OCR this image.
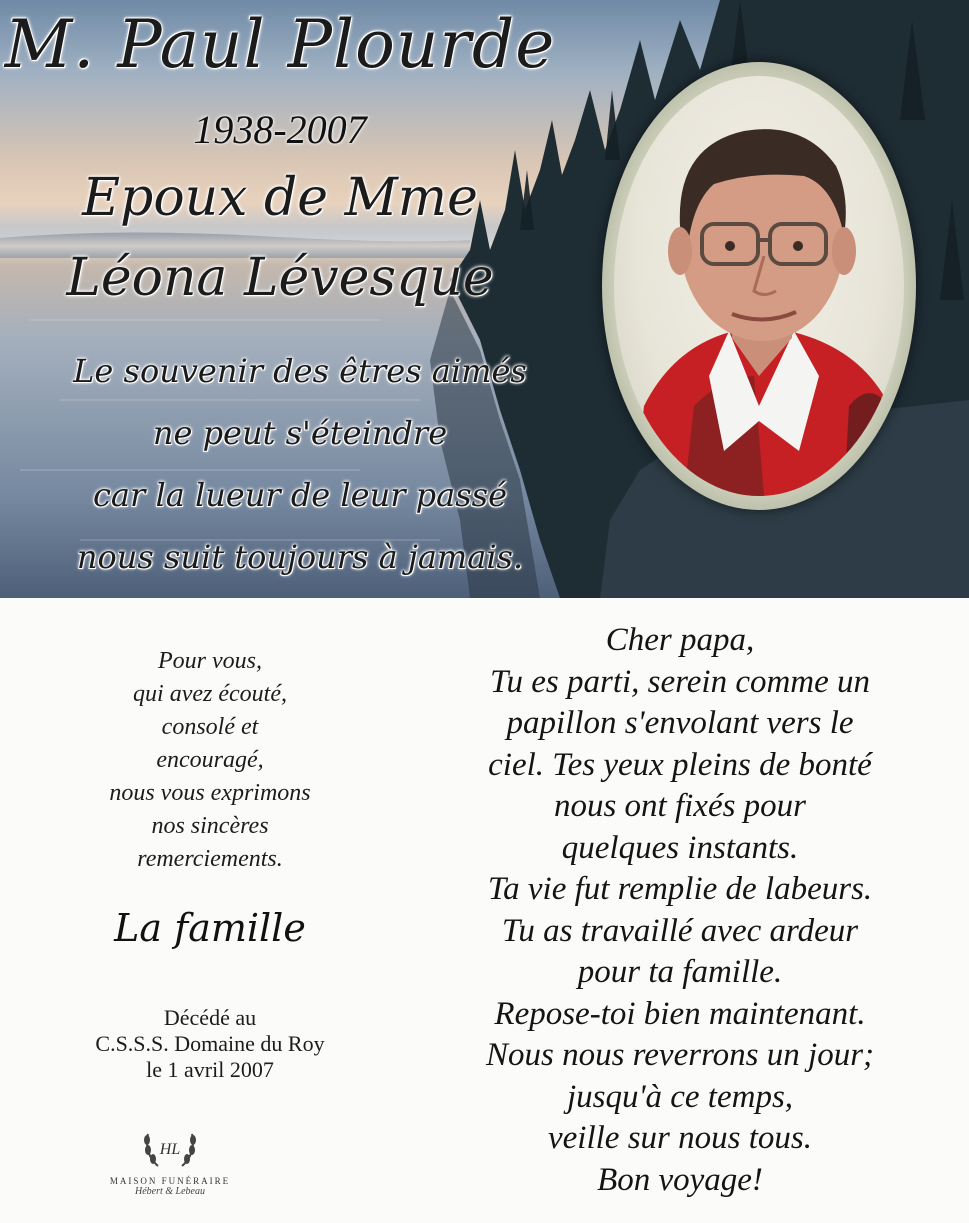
M. Paul Plourde
1938-2007
Epoux de Mme
Léona Lévesque
Le souvenir des êtres aimés
ne peut s'éteindre
car la lueur de leur passé
nous suit toujours à jamais.
Pour vous,
qui avez écouté,
consolé et
encouragé,
nous vous exprimons
nos sincères
remerciements.
La famille
Décédé au
C.S.S.S. Domaine du Roy
le 1 avril 2007
HL
MAISON FUNÉRAIRE
Hébert & Lebeau
Cher papa,
Tu es parti, serein comme un
papillon s'envolant vers le
ciel. Tes yeux pleins de bonté
nous ont fixés pour
quelques instants.
Ta vie fut remplie de labeurs.
Tu as travaillé avec ardeur
pour ta famille.
Repose-toi bien maintenant.
Nous nous reverrons un jour;
jusqu'à ce temps,
veille sur nous tous.
Bon voyage!
